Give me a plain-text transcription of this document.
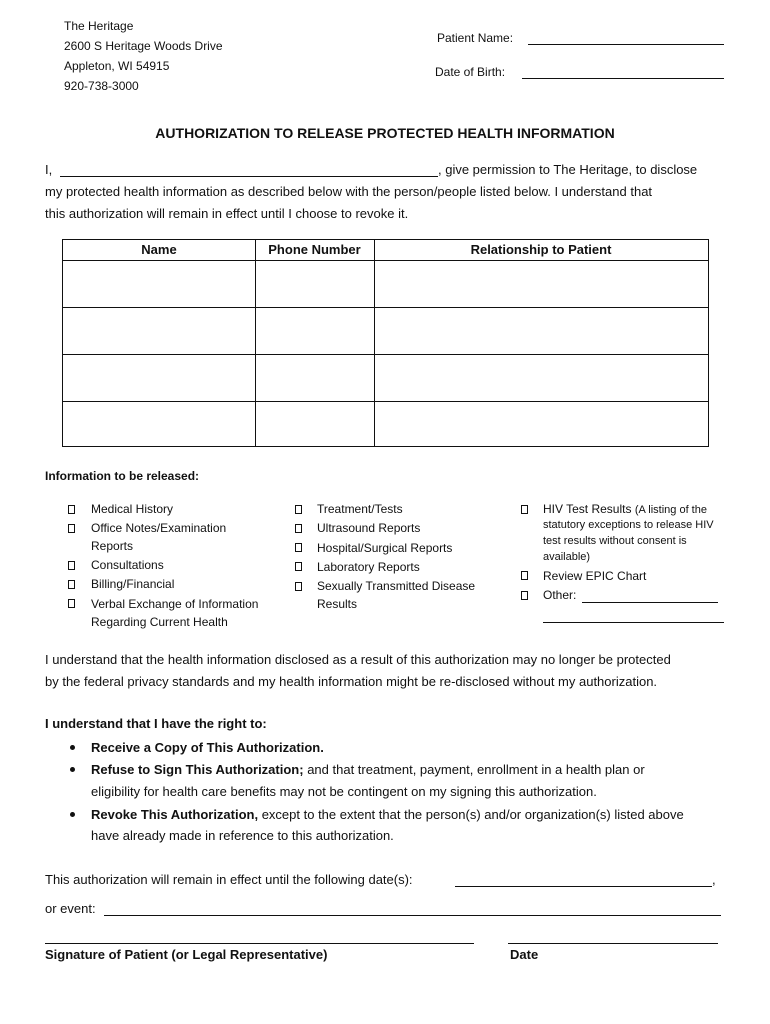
The Heritage
2600 S Heritage Woods Drive
Appleton, WI 54915
920-738-3000
Patient Name:
Date of Birth:
AUTHORIZATION TO RELEASE PROTECTED HEALTH INFORMATION
I,	, give permission to The Heritage, to disclose
my protected health information as described below with the person/people listed below. I understand that
this authorization will remain in effect until I choose to revoke it.
Name	Phone Number	Relationship to Patient
Information to be released:
Medical History
Office Notes/Examination
Reports
Consultations
Billing/Financial
Verbal Exchange of Information
Regarding Current Health
Treatment/Tests
Ultrasound Reports
Hospital/Surgical Reports
Laboratory Reports
Sexually Transmitted Disease
Results
HIV Test Results (A listing of the
statutory exceptions to release HIV
test results without consent is
available)
Review EPIC Chart
Other:
I understand that the health information disclosed as a result of this authorization may no longer be protected
by the federal privacy standards and my health information might be re-disclosed without my authorization.
I understand that I have the right to:
Receive a Copy of This Authorization.
Refuse to Sign This Authorization; and that treatment, payment, enrollment in a health plan or
eligibility for health care benefits may not be contingent on my signing this authorization.
Revoke This Authorization, except to the extent that the person(s) and/or organization(s) listed above
have already made in reference to this authorization.
This authorization will remain in effect until the following date(s):	,
or event:
Signature of Patient (or Legal Representative)	Date
